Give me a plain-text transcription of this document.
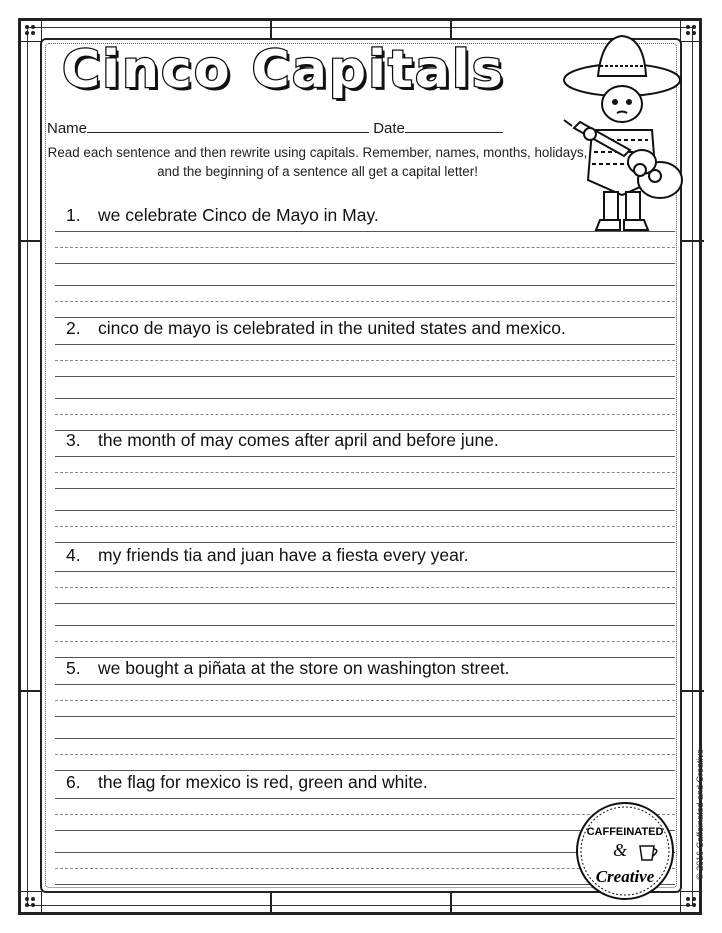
Cinco Capitals
Name	Date
Read each sentence and then rewrite using capitals. Remember, names, months, holidays, and the beginning of a sentence all get a capital letter!
1. we celebrate Cinco de Mayo in May.
2. cinco de mayo is celebrated in the united states and mexico.
3. the month of may comes after april and before june.
4. my friends tia and juan have a fiesta every year.
5. we bought a piñata at the store on washington street.
6. the flag for mexico is red, green and white.
CAFFEINATED
&
Creative	© 2016 Caffeinated and Creative
